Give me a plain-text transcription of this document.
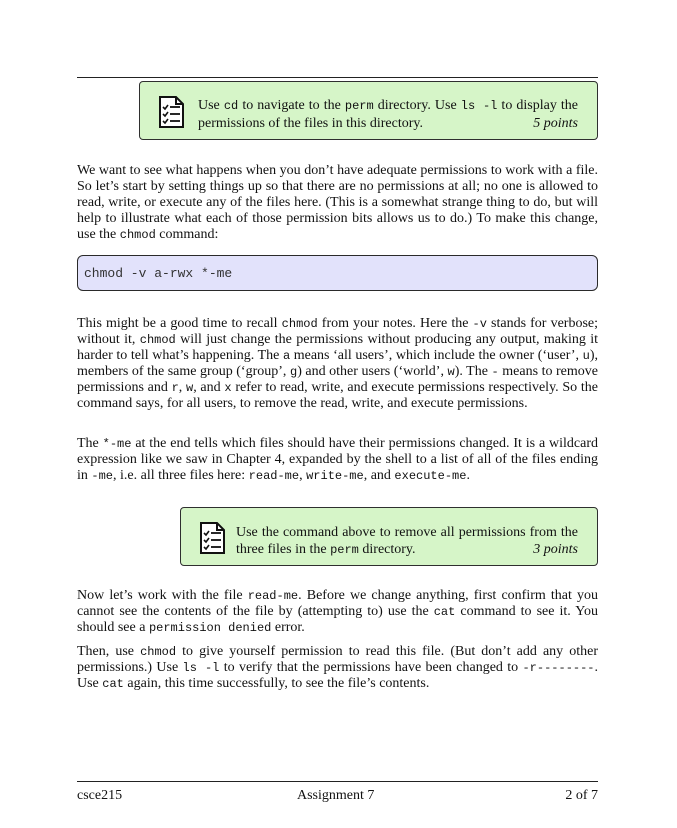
Use cd to navigate to the perm directory. Use ls -l to display the permissions of the files in this directory.	5 points

We want to see what happens when you don’t have adequate permissions to work with a file. So let’s start by setting things up so that there are no permissions at all; no one is allowed to read, write, or execute any of the files here. (This is a somewhat strange thing to do, but will help to illustrate what each of those permission bits allows us to do.) To make this change, use the chmod command:

chmod -v a-rwx *-me

This might be a good time to recall chmod from your notes. Here the -v stands for verbose; without it, chmod will just change the permissions without producing any output, making it harder to tell what’s happening. The a means ‘all users’, which include the owner (‘user’, u), members of the same group (‘group’, g) and other users (‘world’, w). The - means to remove permissions and r, w, and x refer to read, write, and execute permissions respectively. So the command says, for all users, to remove the read, write, and execute permissions.

The *-me at the end tells which files should have their permissions changed. It is a wildcard expression like we saw in Chapter 4, expanded by the shell to a list of all of the files ending in -me, i.e. all three files here: read-me, write-me, and execute-me.

Use the command above to remove all permissions from the three files in the perm directory.	3 points

Now let’s work with the file read-me. Before we change anything, first confirm that you cannot see the contents of the file by (attempting to) use the cat command to see it. You should see a permission denied error.

Then, use chmod to give yourself permission to read this file. (But don’t add any other permissions.) Use ls -l to verify that the permissions have been changed to -r--------. Use cat again, this time successfully, to see the file’s contents.

csce215	Assignment 7	2 of 7
